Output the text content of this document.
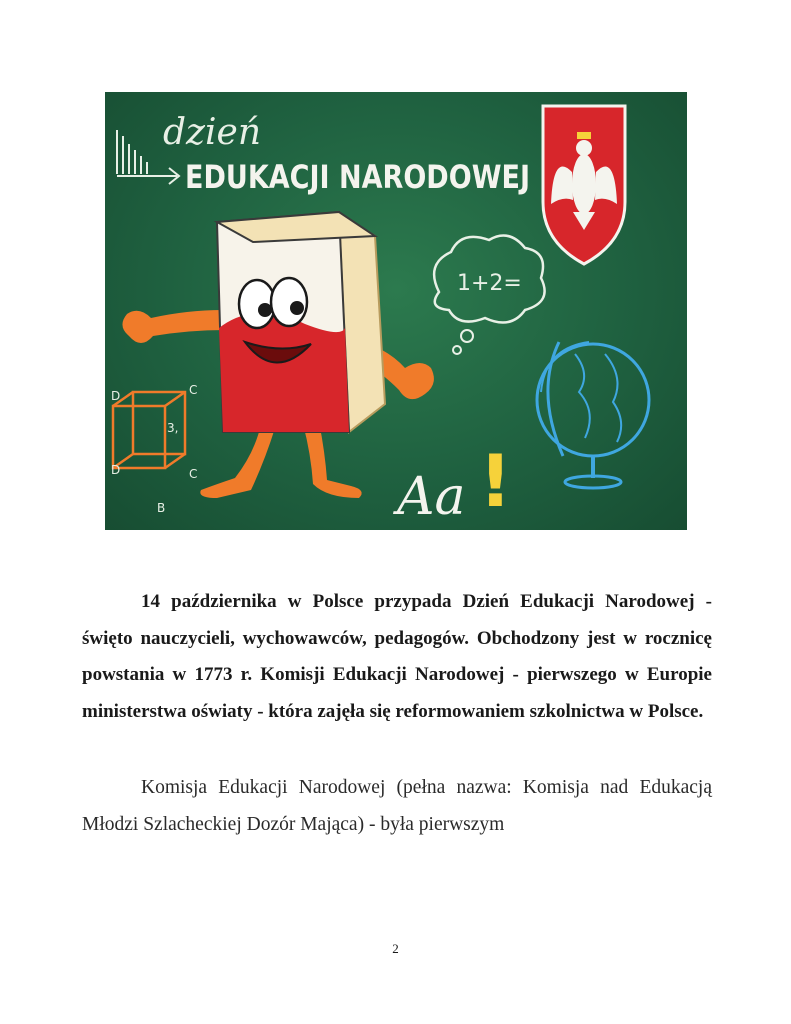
dzień
EDUKACJI NARODOWEJ
1+2=
D	C
3,
D	C
B	Aa !

14 października w Polsce przypada Dzień Edukacji Narodowej - święto nauczycieli, wychowawców, pedagogów. Obchodzony jest w rocznicę powstania w 1773 r. Komisji Edukacji Narodowej - pierwszego w Europie ministerstwa oświaty - która zajęła się reformowaniem szkolnictwa w Polsce.

Komisja Edukacji Narodowej (pełna nazwa: Komisja nad Edukacją Młodzi Szlacheckiej Dozór Mająca) - była pierwszym

2
